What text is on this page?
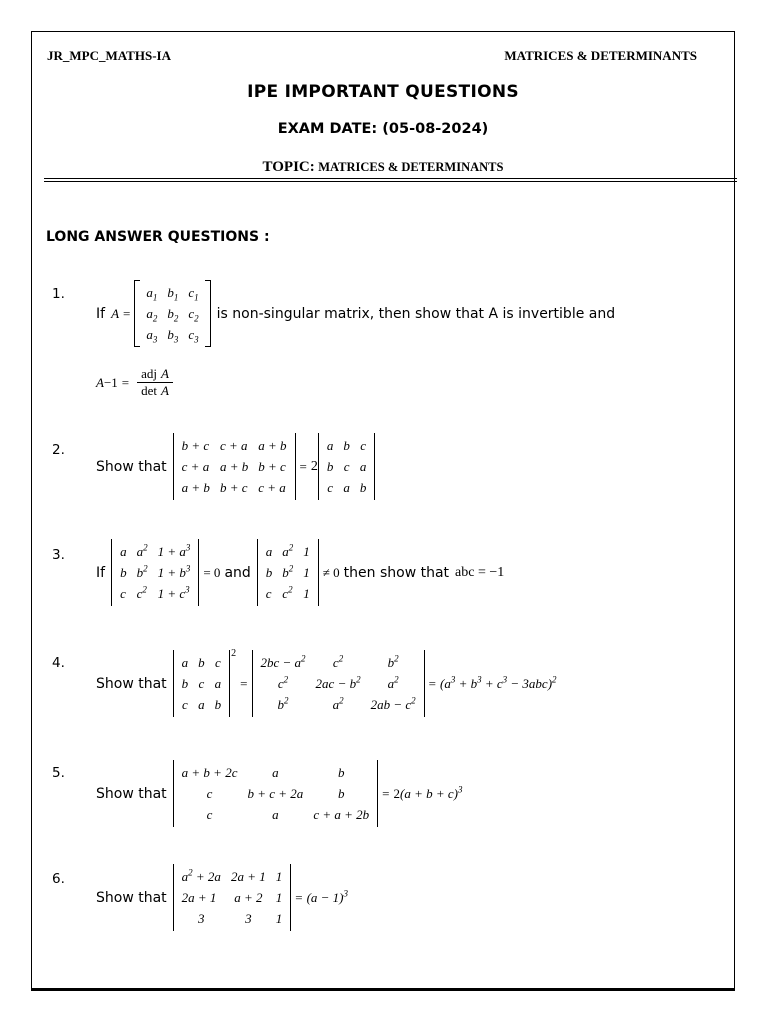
JR_MPC_MATHS-IA	MATRICES & DETERMINANTS
IPE IMPORTANT QUESTIONS
EXAM DATE: (05-08-2024)
TOPIC: MATRICES & DETERMINANTS
LONG ANSWER QUESTIONS :
1.
If A =
$a_1$	$b_1$	$c_1$
$a_2$	$b_2$	$c_2$
$a_3$	$b_3$	$c_3$
is non-singular matrix, then show that A is invertible and
$A -1 = \frac{\text{adj A}}{\text{det A}}$
2.
Show that
b + c	c + a	a + b
c + a	a + b	b + c
a + b	b + c	c + a
= 2
a	b	c
b	c	a
c	a	b
3.
If
a	$a^2$	$1 + a^3$
b	$b^2$	$1 + b^3$
c	$c^2$	$1 + c^3$
= 0 and
a	$a^2$	1
b	$b^2$	1
c	$c^2$	1
≠ 0 then show that abc = −1
4.
Show that
a	b	c
b	c	a
c	a	b
2
=
$2bc - a^2$	$c^2$	$b^2$
$c^2$	$2ac - b^2$	$a^2$
$b^2$	$a^2$	$2ab - c^2$
= $(a^3 + b^3 + c^3 - 3abc)^2$
5.
Show that
a + b + 2c	a	b
c	b + c + 2a	b
c	a	c + a + 2b
= $2(a + b + c)^3$
6.
Show that
$a^2 + 2a$	2a + 1	1
2a + 1	a + 2	1
3	3	1
= $(a - 1)^3$
